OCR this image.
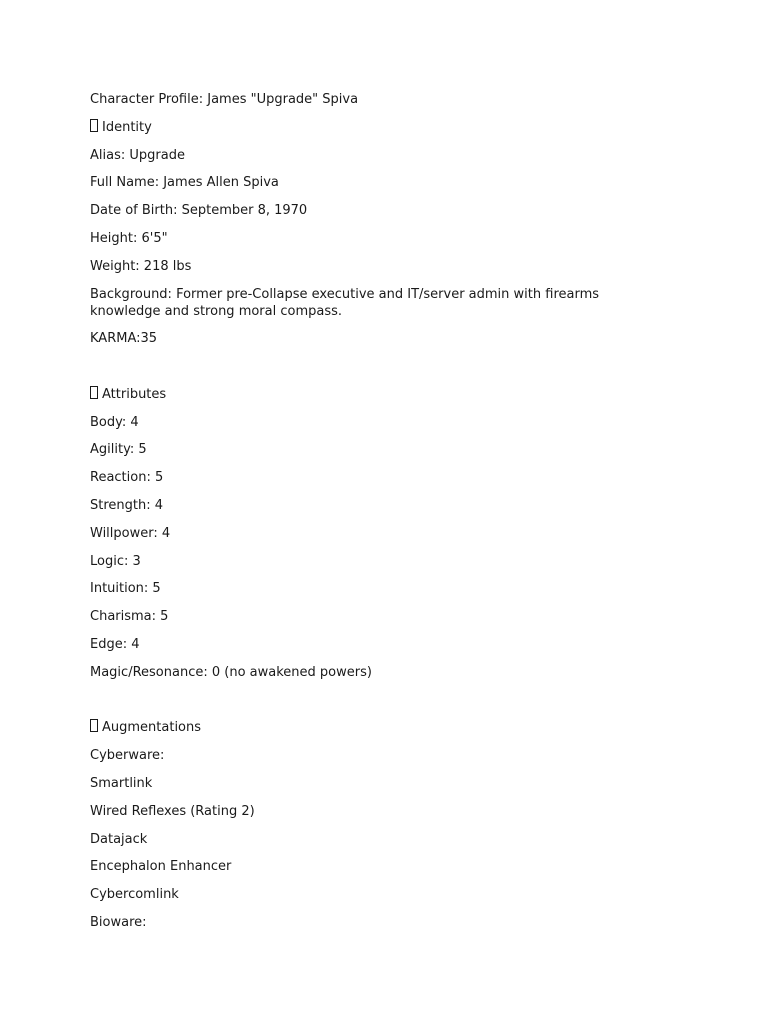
Character Profile: James "Upgrade" Spiva
Identity
Alias: Upgrade
Full Name: James Allen Spiva
Date of Birth: September 8, 1970
Height: 6'5"
Weight: 218 lbs
Background: Former pre-Collapse executive and IT/server admin with firearms knowledge and strong moral compass.
KARMA:35
Attributes
Body: 4
Agility: 5
Reaction: 5
Strength: 4
Willpower: 4
Logic: 3
Intuition: 5
Charisma: 5
Edge: 4
Magic/Resonance: 0 (no awakened powers)
Augmentations
Cyberware:
Smartlink
Wired Reflexes (Rating 2)
Datajack
Encephalon Enhancer
Cybercomlink
Bioware:
